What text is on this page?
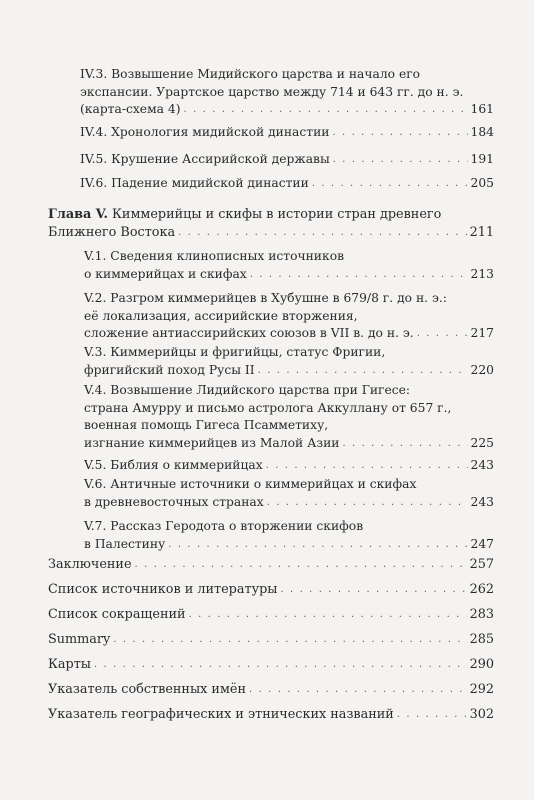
IV.3. Возвышение Мидийского царства и начало его
экспансии. Урартское царство между 714 и 643 гг. до н. э.
(карта-схема 4) . . .	161
IV.4. Хронология мидийской династии . . .	184
IV.5. Крушение Ассирийской державы . . .	191
IV.6. Падение мидийской династии . . .	205
Глава V. Киммерийцы и скифы в истории стран древнего
Ближнего Востока . . .	211
V.1. Сведения клинописных источников
о киммерийцах и скифах . . .	213
V.2. Разгром киммерийцев в Хубушне в 679/8 г. до н. э.:
её локализация, ассирийские вторжения,
сложение антиассирийских союзов в VII в. до н. э. . . .	217
V.3. Киммерийцы и фригийцы, статус Фригии,
фригийский поход Русы II . . .	220
V.4. Возвышение Лидийского царства при Гигесе:
страна Амурру и письмо астролога Аккуллану от 657 г.,
военная помощь Гигеса Псамметиху,
изгнание киммерийцев из Малой Азии . . .	225
V.5. Библия о киммерийцах . . .	243
V.6. Античные источники о киммерийцах и скифах
в древневосточных странах . . .	243
V.7. Рассказ Геродота о вторжении скифов
в Палестину . . .	247
Заключение . . .	257
Список источников и литературы . . .	262
Список сокращений . . .	283
Summary . . .	285
Карты . . .	290
Указатель собственных имён . . .	292
Указатель географических и этнических названий . . .	302
